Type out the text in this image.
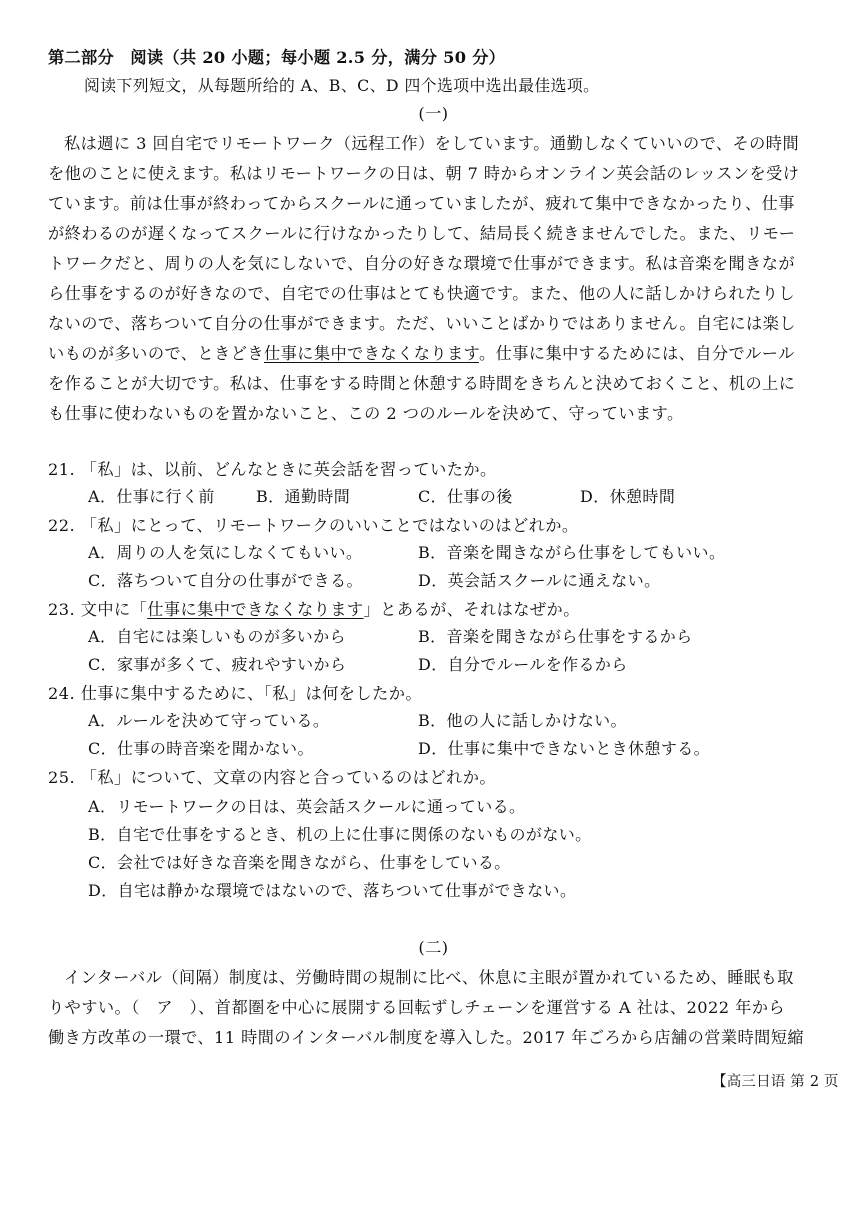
第二部分　阅读（共 20 小题；每小题 2.5 分，满分 50 分）
阅读下列短文，从每题所给的 A、B、C、D 四个选项中选出最佳选项。
(一)
私は週に 3 回自宅でリモートワーク（远程工作）をしています。通勤しなくていいので、その時間
を他のことに使えます。私はリモートワークの日は、朝 7 時からオンライン英会話のレッスンを受け
ています。前は仕事が終わってからスクールに通っていましたが、疲れて集中できなかったり、仕事
が終わるのが遅くなってスクールに行けなかったりして、結局長く続きませんでした。また、リモー
トワークだと、周りの人を気にしないで、自分の好きな環境で仕事ができます。私は音楽を聞きなが
ら仕事をするのが好きなので、自宅での仕事はとても快適です。また、他の人に話しかけられたりし
ないので、落ちついて自分の仕事ができます。ただ、いいことばかりではありません。自宅には楽し
いものが多いので、ときどき仕事に集中できなくなります。仕事に集中するためには、自分でルール
を作ることが大切です。私は、仕事をする時間と休憩する時間をきちんと決めておくこと、机の上に
も仕事に使わないものを置かないこと、この 2 つのルールを決めて、守っています。
21. 「私」は、以前、どんなときに英会話を習っていたか。
A．仕事に行く前	B．通勤時間	C．仕事の後	D．休憩時間
22. 「私」にとって、リモートワークのいいことではないのはどれか。
A．周りの人を気にしなくてもいい。	B．音楽を聞きながら仕事をしてもいい。
C．落ちついて自分の仕事ができる。	D．英会話スクールに通えない。
23. 文中に「仕事に集中できなくなります」とあるが、それはなぜか。
A．自宅には楽しいものが多いから	B．音楽を聞きながら仕事をするから
C．家事が多くて、疲れやすいから	D．自分でルールを作るから
24. 仕事に集中するために、「私」は何をしたか。
A．ルールを決めて守っている。	B．他の人に話しかけない。
C．仕事の時音楽を聞かない。	D．仕事に集中できないとき休憩する。
25. 「私」について、文章の内容と合っているのはどれか。
A．リモートワークの日は、英会話スクールに通っている。
B．自宅で仕事をするとき、机の上に仕事に関係のないものがない。
C．会社では好きな音楽を聞きながら、仕事をしている。
D．自宅は静かな環境ではないので、落ちついて仕事ができない。
(二)
インターバル（间隔）制度は、労働時間の規制に比べ、休息に主眼が置かれているため、睡眠も取
りやすい。（　ア　）、首都圏を中心に展開する回転ずしチェーンを運営する A 社は、2022 年から
働き方改革の一環で、11 時間のインターバル制度を導入した。2017 年ごろから店舗の営業時間短縮
【高三日语 第 2 页
